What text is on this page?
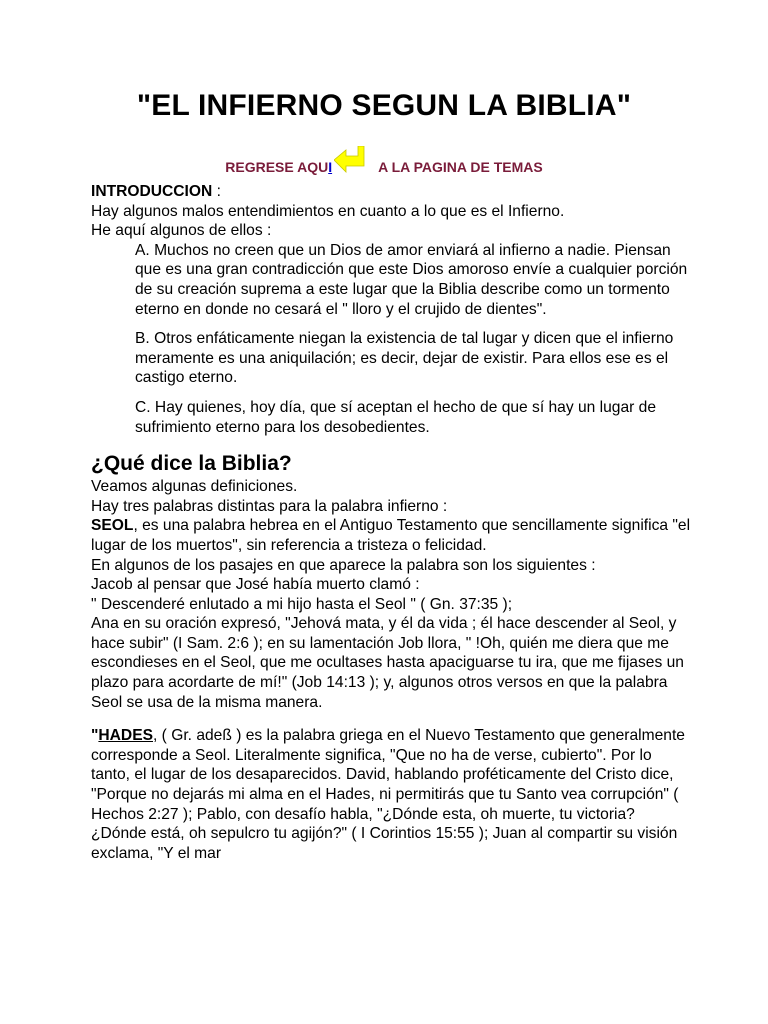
"EL INFIERNO SEGUN LA BIBLIA"
REGRESE AQUI	A LA PAGINA DE TEMAS

INTRODUCCION :

Hay algunos malos entendimientos en cuanto a lo que es el Infierno.

He aquí algunos de ellos :

A. Muchos no creen que un Dios de amor enviará al infierno a nadie. Piensan que es una gran contradicción que este Dios amoroso envíe a cualquier porción de su creación suprema a este lugar que la Biblia describe como un tormento eterno en donde no cesará el " lloro y el crujido de dientes".

B. Otros enfáticamente niegan la existencia de tal lugar y dicen que el infierno meramente es una aniquilación; es decir, dejar de existir. Para ellos ese es el castigo eterno.

C. Hay quienes, hoy día, que sí aceptan el hecho de que sí hay un lugar de sufrimiento eterno para los desobedientes.

¿Qué dice la Biblia?

Veamos algunas definiciones.

Hay tres palabras distintas para la palabra infierno :

SEOL, es una palabra hebrea en el Antiguo Testamento que sencillamente significa "el lugar de los muertos", sin referencia a tristeza o felicidad.

En algunos de los pasajes en que aparece la palabra son los siguientes :

Jacob al pensar que José había muerto clamó :

" Descenderé enlutado a mi hijo hasta el Seol " ( Gn. 37:35 );

Ana en su oración expresó, "Jehová mata, y él da vida ; él hace descender al Seol, y hace subir" (I Sam. 2:6 ); en su lamentación Job llora, " !Oh, quién me diera que me escondieses en el Seol, que me ocultases hasta apaciguarse tu ira, que me fijases un plazo para acordarte de mí!" (Job 14:13 ); y, algunos otros versos en que la palabra Seol se usa de la misma manera.

"HADES, ( Gr. adeß ) es la palabra griega en el Nuevo Testamento que generalmente corresponde a Seol. Literalmente significa, "Que no ha de verse, cubierto". Por lo tanto, el lugar de los desaparecidos. David, hablando proféticamente del Cristo dice, "Porque no dejarás mi alma en el Hades, ni permitirás que tu Santo vea corrupción" ( Hechos 2:27 ); Pablo, con desafío habla, "¿Dónde esta, oh muerte, tu victoria? ¿Dónde está, oh sepulcro tu agijón?" ( I Corintios 15:55 ); Juan al compartir su visión exclama, "Y el mar
